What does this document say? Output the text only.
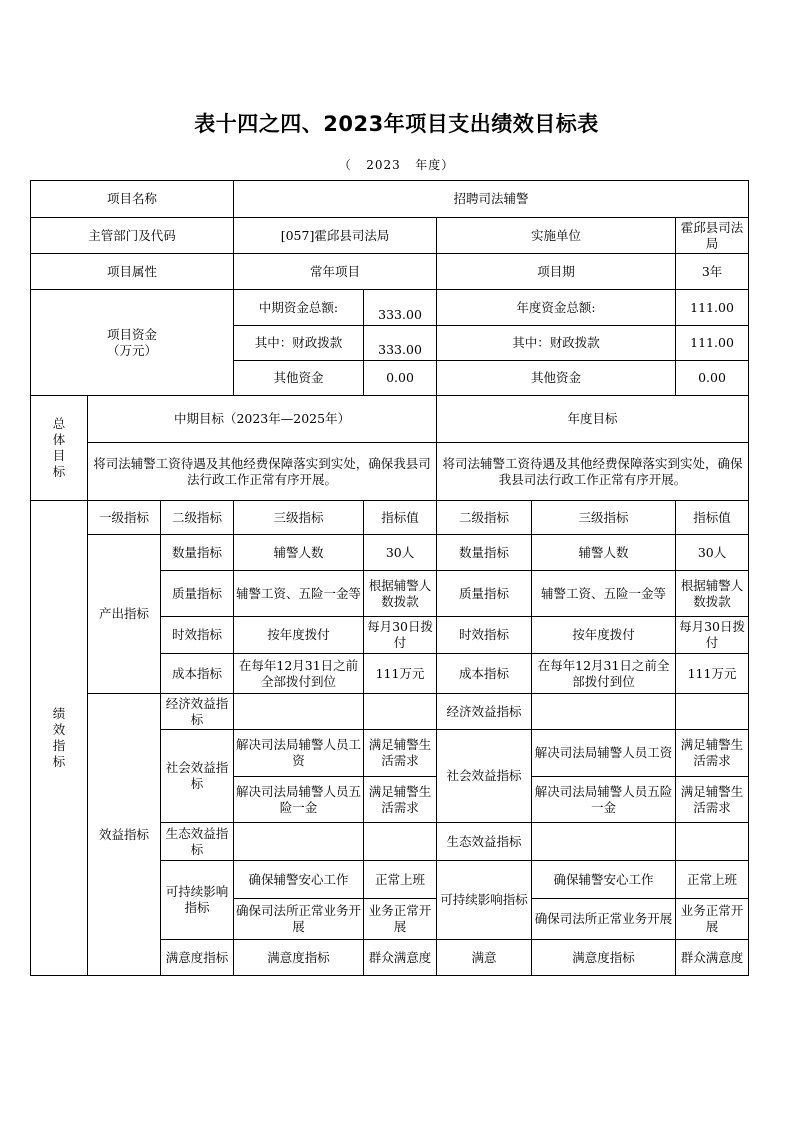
表十四之四、2023年项目支出绩效目标表
（ 2023 年度）
项目名称			招聘司法辅警					
主管部门及代码			[057]霍邱县司法局		实施单位		霍邱县司法局	
项目属性			常年项目		项目期		3年	

项目资金
（万元）			中期资金总额:	333.00	年度资金总额:		111.00	
			其中：财政拨款	333.00	其中：财政拨款		111.00	
			其他资金	0.00	其他资金		0.00	

总
体
目
标	中期目标（2023年—2025年）				年度目标			
	将司法辅警工资待遇及其他经费保障落实到实处，确保我县司法行政工作正常有序开展。				将司法辅警工资待遇及其他经费保障落实到实处，确保我县司法行政工作正常有序开展。			

绩
效
指
标	一级指标	二级指标	三级指标	指标值	二级指标	三级指标	指标值	
	产出指标	数量指标	辅警人数	30人	数量指标	辅警人数	30人	
		质量指标	辅警工资、五险一金等	根据辅警人数拨款	质量指标	辅警工资、五险一金等	根据辅警人数拨款	
		时效指标	按年度拨付	每月30日拨付	时效指标	按年度拨付	每月30日拨付	
		成本指标	在每年12月31日之前全部拨付到位	111万元	成本指标	在每年12月31日之前全部拨付到位	111万元	
	效益指标	经济效益指标			经济效益指标			
		社会效益指标	解决司法局辅警人员工资	满足辅警生活需求	社会效益指标	解决司法局辅警人员工资	满足辅警生活需求	
			解决司法局辅警人员五险一金	满足辅警生活需求		解决司法局辅警人员五险一金	满足辅警生活需求	
		生态效益指标			生态效益指标			
		可持续影响指标	确保辅警安心工作	正常上班	可持续影响指标	确保辅警安心工作	正常上班	
			确保司法所正常业务开展	业务正常开展		确保司法所正常业务开展	业务正常开展	
		满意度指标	满意度指标	群众满意度	满意	满意度指标	群众满意度	
